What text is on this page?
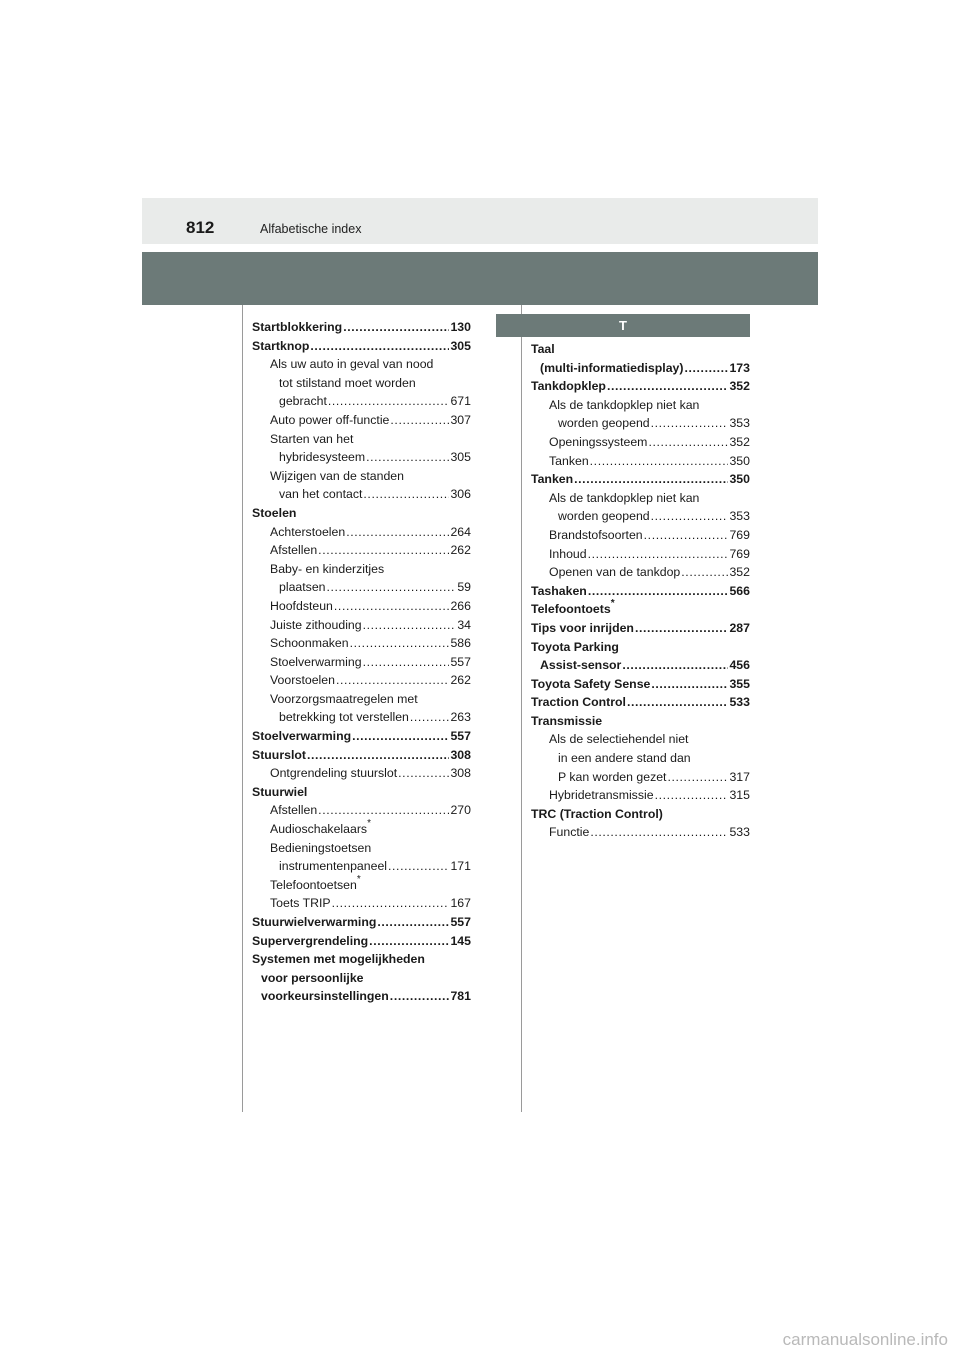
812	Alfabetische index
T
Startblokkering .....	130
Startknop .....	305
Als uw auto in geval van nood
tot stilstand moet worden
gebracht .....	671
Auto power off-functie .....	307
Starten van het
hybridesysteem .....	305
Wijzigen van de standen
van het contact .....	306
Stoelen
Achterstoelen .....	264
Afstellen .....	262
Baby- en kinderzitjes
plaatsen .....	59
Hoofdsteun .....	266
Juiste zithouding .....	34
Schoonmaken .....	586
Stoelverwarming .....	557
Voorstoelen .....	262
Voorzorgsmaatregelen met
betrekking tot verstellen .....	263
Stoelverwarming .....	557
Stuurslot .....	308
Ontgrendeling stuurslot .....	308
Stuurwiel
Afstellen .....	270
Audioschakelaars*
Bedieningstoetsen
instrumentenpaneel .....	171
Telefoontoetsen*
Toets TRIP .....	167
Stuurwielverwarming .....	557
Supervergrendeling .....	145
Systemen met mogelijkheden
voor persoonlijke
voorkeursinstellingen .....	781
Taal
(multi-informatiedisplay) .....	173
Tankdopklep .....	352
Als de tankdopklep niet kan
worden geopend .....	353
Openingssysteem .....	352
Tanken .....	350
Tanken .....	350
Als de tankdopklep niet kan
worden geopend .....	353
Brandstofsoorten .....	769
Inhoud .....	769
Openen van de tankdop .....	352
Tashaken .....	566
Telefoontoets*
Tips voor inrijden .....	287
Toyota Parking
Assist-sensor .....	456
Toyota Safety Sense .....	355
Traction Control .....	533
Transmissie
Als de selectiehendel niet
in een andere stand dan
P kan worden gezet .....	317
Hybridetransmissie .....	315
TRC (Traction Control)
Functie .....	533
carmanualsonline.info
